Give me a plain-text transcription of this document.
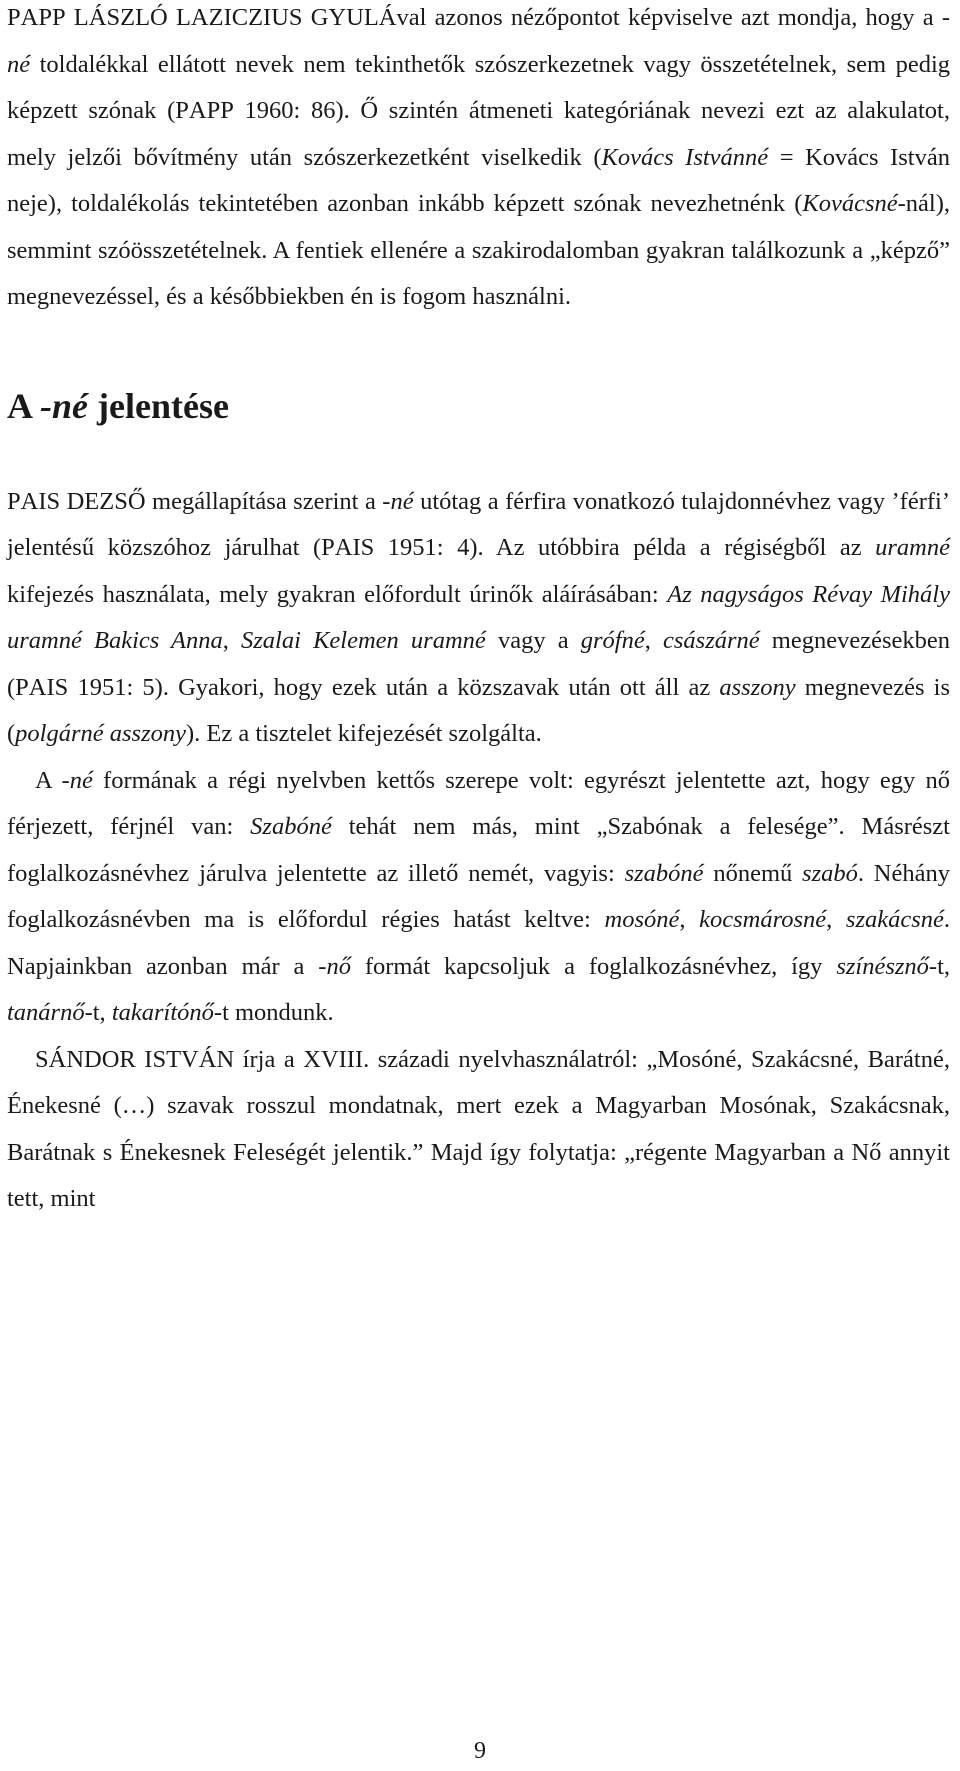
PAPP LÁSZLÓ LAZICZIUS GYULÁval azonos nézőpontot képviselve azt mondja, hogy a -né toldalékkal ellátott nevek nem tekinthetők szószerkezetnek vagy összetételnek, sem pedig képzett szónak (PAPP 1960: 86). Ő szintén átmeneti kategóriának nevezi ezt az alakulatot, mely jelzői bővítmény után szószerkezetként viselkedik (Kovács Istvánné = Kovács István neje), toldalékolás tekintetében azonban inkább képzett szónak nevezhetnénk (Kovácsné-nál), semmint szóösszetételnek. A fentiek ellenére a szakirodalomban gyakran találkozunk a „képző” megnevezéssel, és a későbbiekben én is fogom használni.

A -né jelentése

PAIS DEZSŐ megállapítása szerint a -né utótag a férfira vonatkozó tulajdonnévhez vagy ’férfi’ jelentésű közszóhoz járulhat (PAIS 1951: 4). Az utóbbira példa a régiségből az uramné kifejezés használata, mely gyakran előfordult úrinők aláírásában: Az nagyságos Révay Mihály uramné Bakics Anna, Szalai Kelemen uramné vagy a grófné, császárné megnevezésekben (PAIS 1951: 5). Gyakori, hogy ezek után a közszavak után ott áll az asszony megnevezés is (polgárné asszony). Ez a tisztelet kifejezését szolgálta.

A -né formának a régi nyelvben kettős szerepe volt: egyrészt jelentette azt, hogy egy nő férjezett, férjnél van: Szabóné tehát nem más, mint „Szabónak a felesége”. Másrészt foglalkozásnévhez járulva jelentette az illető nemét, vagyis: szabóné nőnemű szabó. Néhány foglalkozásnévben ma is előfordul régies hatást keltve: mosóné, kocsmárosné, szakácsné. Napjainkban azonban már a -nő formát kapcsoljuk a foglalkozásnévhez, így színésznő-t, tanárnő-t, takarítónő-t mondunk.

SÁNDOR ISTVÁN írja a XVIII. századi nyelvhasználatról: „Mosóné, Szakácsné, Barátné, Énekesné (…) szavak rosszul mondatnak, mert ezek a Magyarban Mosónak, Szakácsnak, Barátnak s Énekesnek Feleségét jelentik.” Majd így folytatja: „régente Magyarban a Nő annyit tett, mint

9
